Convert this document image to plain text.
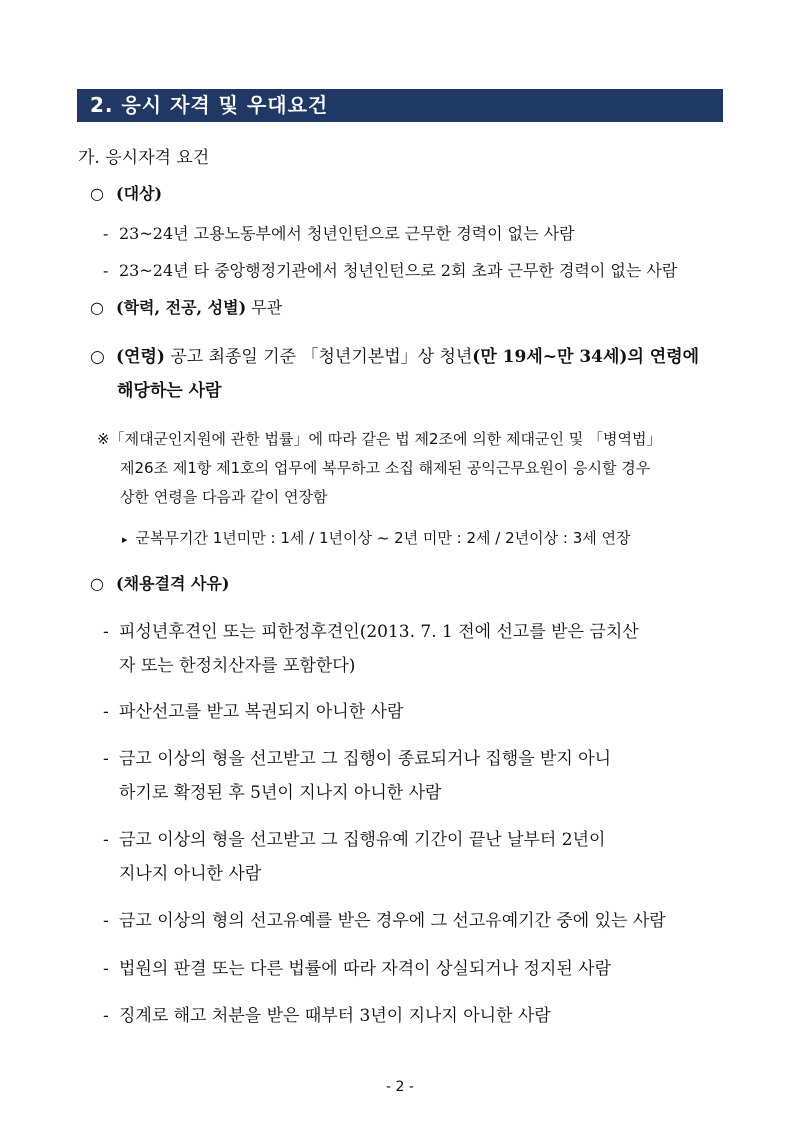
2. 응시 자격 및 우대요건
가. 응시자격 요건
○ (대상)
- 23~24년 고용노동부에서 청년인턴으로 근무한 경력이 없는 사람
- 23~24년 타 중앙행정기관에서 청년인턴으로 2회 초과 근무한 경력이 없는 사람
○ (학력, 전공, 성별) 무관
○ (연령) 공고 최종일 기준 「청년기본법」상 청년(만 19세~만 34세)의 연령에
해당하는 사람
※「제대군인지원에 관한 법률」에 따라 같은 법 제2조에 의한 제대군인 및 「병역법」
제26조 제1항 제1호의 업무에 복무하고 소집 해제된 공익근무요원이 응시할 경우
상한 연령을 다음과 같이 연장함
▸ 군복무기간 1년미만 : 1세 / 1년이상 ~ 2년 미만 : 2세 / 2년이상 : 3세 연장
○ (채용결격 사유)
- 피성년후견인 또는 피한정후견인(2013. 7. 1 전에 선고를 받은 금치산
자 또는 한정치산자를 포함한다)
- 파산선고를 받고 복권되지 아니한 사람
- 금고 이상의 형을 선고받고 그 집행이 종료되거나 집행을 받지 아니
하기로 확정된 후 5년이 지나지 아니한 사람
- 금고 이상의 형을 선고받고 그 집행유예 기간이 끝난 날부터 2년이
지나지 아니한 사람
- 금고 이상의 형의 선고유예를 받은 경우에 그 선고유예기간 중에 있는 사람
- 법원의 판결 또는 다른 법률에 따라 자격이 상실되거나 정지된 사람
- 징계로 해고 처분을 받은 때부터 3년이 지나지 아니한 사람
- 2 -
